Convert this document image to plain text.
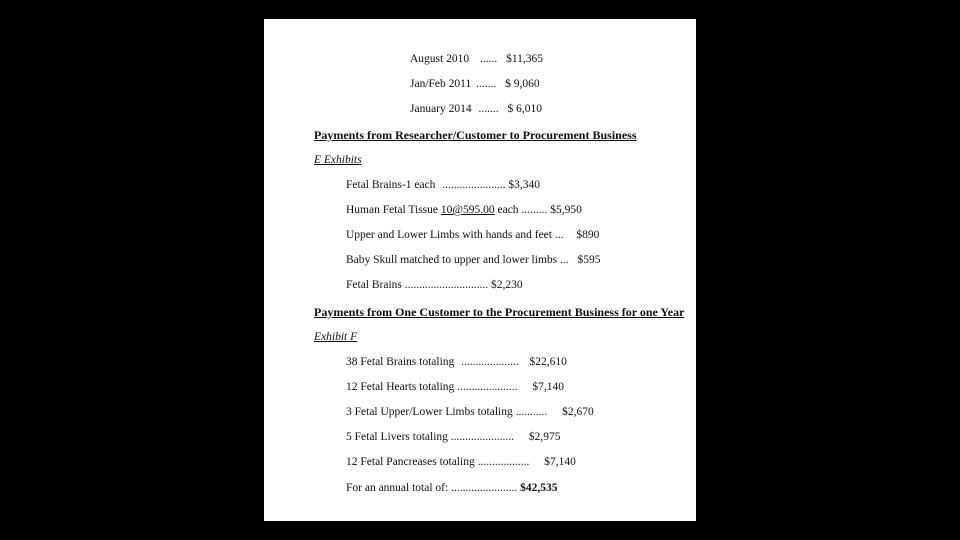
August 2010 ...... $11,365
Jan/Feb 2011 ....... $ 9,060
January 2014 ....... $ 6,010
Payments from Researcher/Customer to Procurement Business
E Exhibits
Fetal Brains-1 each ...................... $3,340
Human Fetal Tissue 10@595.00 each ......... $5,950
Upper and Lower Limbs with hands and feet ... $890
Baby Skull matched to upper and lower limbs ... $595
Fetal Brains ............................. $2,230
Payments from One Customer to the Procurement Business for one Year
Exhibit F
38 Fetal Brains totaling .................... $22,610
12 Fetal Hearts totaling ..................... $7,140
3 Fetal Upper/Lower Limbs totaling ........... $2,670
5 Fetal Livers totaling ...................... $2,975
12 Fetal Pancreases totaling .................. $7,140
For an annual total of: ....................... $42,535
